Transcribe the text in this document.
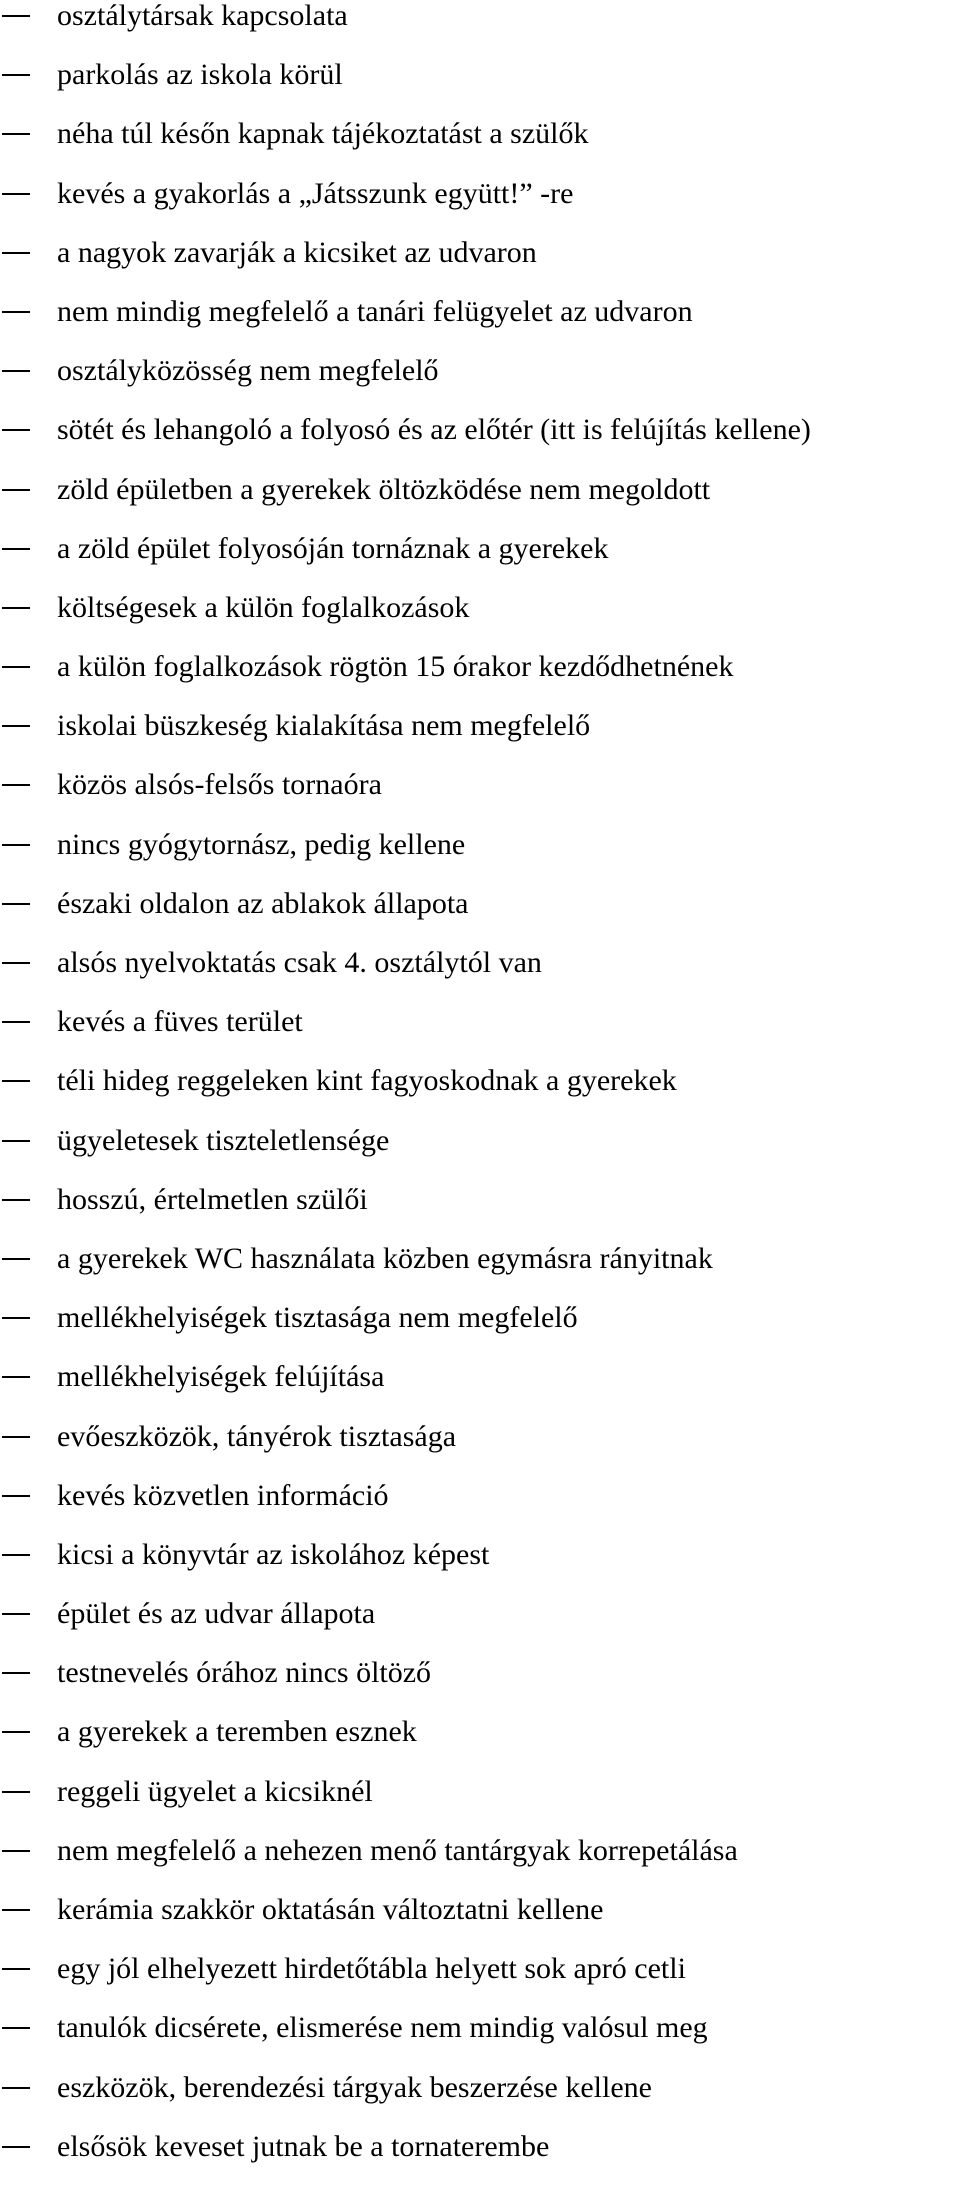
osztálytársak kapcsolata
parkolás az iskola körül
néha túl későn kapnak tájékoztatást a szülők
kevés a gyakorlás a „Játsszunk együtt!” -re
a nagyok zavarják a kicsiket az udvaron
nem mindig megfelelő a tanári felügyelet az udvaron
osztályközösség nem megfelelő
sötét és lehangoló a folyosó és az előtér (itt is felújítás kellene)
zöld épületben a gyerekek öltözködése nem megoldott
a zöld épület folyosóján tornáznak a gyerekek
költségesek a külön foglalkozások
a külön foglalkozások rögtön 15 órakor kezdődhetnének
iskolai büszkeség kialakítása nem megfelelő
közös alsós-felsős tornaóra
nincs gyógytornász, pedig kellene
északi oldalon az ablakok állapota
alsós nyelvoktatás csak 4. osztálytól van
kevés a füves terület
téli hideg reggeleken kint fagyoskodnak a gyerekek
ügyeletesek tiszteletlensége
hosszú, értelmetlen szülői
a gyerekek WC használata közben egymásra rányitnak
mellékhelyiségek tisztasága nem megfelelő
mellékhelyiségek felújítása
evőeszközök, tányérok tisztasága
kevés közvetlen információ
kicsi a könyvtár az iskolához képest
épület és az udvar állapota
testnevelés órához nincs öltöző
a gyerekek a teremben esznek
reggeli ügyelet a kicsiknél
nem megfelelő a nehezen menő tantárgyak korrepetálása
kerámia szakkör oktatásán változtatni kellene
egy jól elhelyezett hirdetőtábla helyett sok apró cetli
tanulók dicsérete, elismerése nem mindig valósul meg
eszközök, berendezési tárgyak beszerzése kellene
elsősök keveset jutnak be a tornaterembe
